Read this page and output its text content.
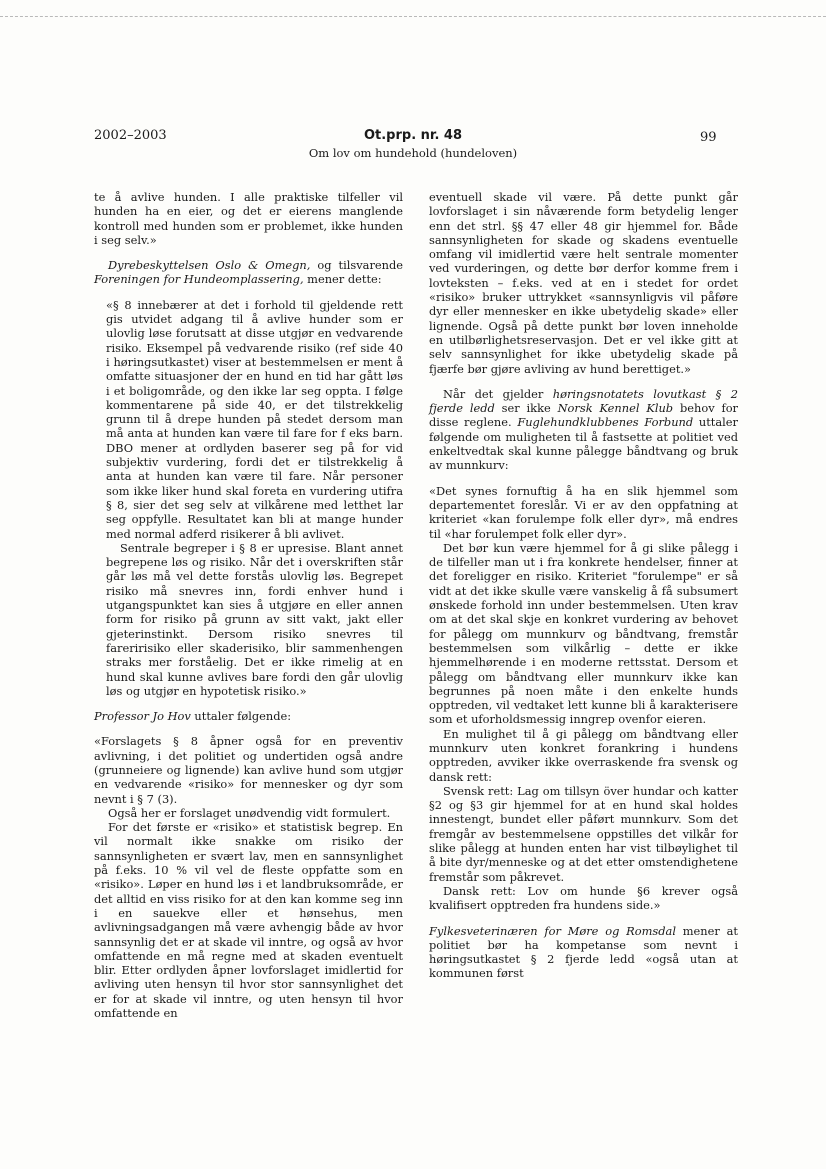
2002–2003	Ot.prp. nr. 48
Om lov om hundehold (hundeloven)
99

te å avlive hunden. I alle praktiske tilfeller vil hunden ha en eier, og det er eierens manglende kontroll med hunden som er problemet, ikke hunden i seg selv.»

Dyrebeskyttelsen Oslo & Omegn, og tilsvarende Foreningen for Hundeomplassering, mener dette:

«§ 8 innebærer at det i forhold til gjeldende rett gis utvidet adgang til å avlive hunder som er ulovlig løse forutsatt at disse utgjør en vedvarende risiko. Eksempel på vedvarende risiko (ref side 40 i høringsutkastet) viser at bestemmelsen er ment å omfatte situasjoner der en hund en tid har gått løs i et boligområde, og den ikke lar seg oppta. I følge kommentarene på side 40, er det tilstrekkelig grunn til å drepe hunden på stedet dersom man må anta at hunden kan være til fare for f eks barn. DBO mener at ordlyden baserer seg på for vid subjektiv vurdering, fordi det er tilstrekkelig å anta at hunden kan være til fare. Når personer som ikke liker hund skal foreta en vurdering utifra § 8, sier det seg selv at vilkårene med letthet lar seg oppfylle. Resultatet kan bli at mange hunder med normal adferd risikerer å bli avlivet.

Sentrale begreper i § 8 er upresise. Blant annet begrepene løs og risiko. Når det i overskriften står går løs må vel dette forstås ulovlig løs. Begrepet risiko må snevres inn, fordi enhver hund i utgangspunktet kan sies å utgjøre en eller annen form for risiko på grunn av sitt vakt, jakt eller gjeterinstinkt. Dersom risiko snevres til fareririsiko eller skaderisiko, blir sammenhengen straks mer forståelig. Det er ikke rimelig at en hund skal kunne avlives bare fordi den går ulovlig løs og utgjør en hypotetisk risiko.»

Professor Jo Hov uttaler følgende:

«Forslagets § 8 åpner også for en preventiv avlivning, i det politiet og undertiden også andre (grunneiere og lignende) kan avlive hund som utgjør en vedvarende «risiko» for mennesker og dyr som nevnt i § 7 (3).

Også her er forslaget unødvendig vidt formulert.

For det første er «risiko» et statistisk begrep. En vil normalt ikke snakke om risiko der sannsynligheten er svært lav, men en sannsynlighet på f.eks. 10 % vil vel de fleste oppfatte som en «risiko». Løper en hund løs i et landbruksområde, er det alltid en viss risiko for at den kan komme seg inn i en sauekve eller et hønsehus, men avlivningsadgangen må være avhengig både av hvor sannsynlig det er at skade vil inntre, og også av hvor omfattende en må regne med at skaden eventuelt blir. Etter ordlyden åpner lovforslaget imidlertid for avliving uten hensyn til hvor stor sannsynlighet det er for at skade vil inntre, og uten hensyn til hvor omfattende en

eventuell skade vil være. På dette punkt går lovforslaget i sin nåværende form betydelig lenger enn det strl. §§ 47 eller 48 gir hjemmel for. Både sannsynligheten for skade og skadens eventuelle omfang vil imidlertid være helt sentrale momenter ved vurderingen, og dette bør derfor komme frem i lovteksten – f.eks. ved at en i stedet for ordet «risiko» bruker uttrykket «sannsynligvis vil påføre dyr eller mennesker en ikke ubetydelig skade» eller lignende. Også på dette punkt bør loven inneholde en utilbørlighetsreservasjon. Det er vel ikke gitt at selv sannsynlighet for ikke ubetydelig skade på fjærfe bør gjøre avliving av hund berettiget.»

Når det gjelder høringsnotatets lovutkast § 2 fjerde ledd ser ikke Norsk Kennel Klub behov for disse reglene. Fuglehundklubbenes Forbund uttaler følgende om muligheten til å fastsette at politiet ved enkeltvedtak skal kunne pålegge båndtvang og bruk av munnkurv:

«Det synes fornuftig å ha en slik hjemmel som departementet foreslår. Vi er av den oppfatning at kriteriet «kan forulempe folk eller dyr», må endres til «har forulempet folk eller dyr».

Det bør kun være hjemmel for å gi slike pålegg i de tilfeller man ut i fra konkrete hendelser, finner at det foreligger en risiko. Kriteriet "forulempe" er så vidt at det ikke skulle være vanskelig å få subsumert ønskede forhold inn under bestemmelsen. Uten krav om at det skal skje en konkret vurdering av behovet for pålegg om munnkurv og båndtvang, fremstår bestemmelsen som vilkårlig – dette er ikke hjemmelhørende i en moderne rettsstat. Dersom et pålegg om båndtvang eller munnkurv ikke kan begrunnes på noen måte i den enkelte hunds opptreden, vil vedtaket lett kunne bli å karakterisere som et uforholdsmessig inngrep ovenfor eieren.

En mulighet til å gi pålegg om båndtvang eller munnkurv uten konkret forankring i hundens opptreden, avviker ikke overraskende fra svensk og dansk rett:

Svensk rett: Lag om tillsyn över hundar och katter §2 og §3 gir hjemmel for at en hund skal holdes innestengt, bundet eller påført munnkurv. Som det fremgår av bestemmelsene oppstilles det vilkår for slike pålegg at hunden enten har vist tilbøylighet til å bite dyr/menneske og at det etter omstendighetene fremstår som påkrevet.

Dansk rett: Lov om hunde §6 krever også kvalifisert opptreden fra hundens side.»

Fylkesveterinæren for Møre og Romsdal mener at politiet bør ha kompetanse som nevnt i høringsutkastet § 2 fjerde ledd «også utan at kommunen først
